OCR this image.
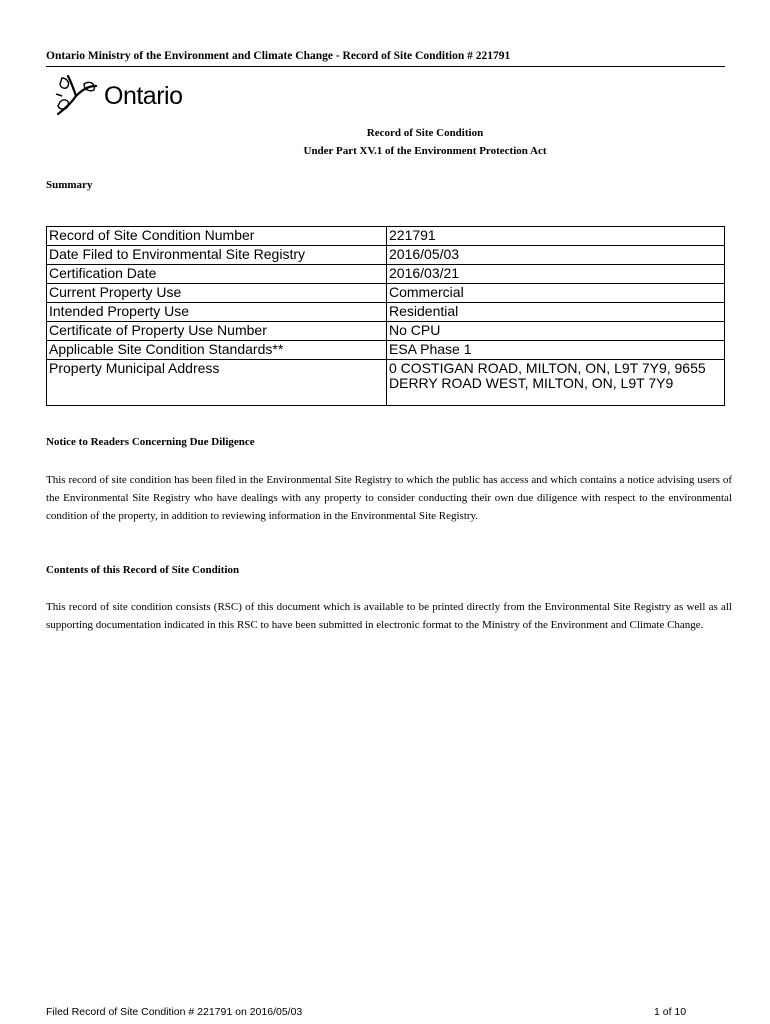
Ontario Ministry of the Environment and Climate Change - Record of Site Condition # 221791
Ontario
Record of Site Condition
Under Part XV.1 of the Environment Protection Act
Summary
Record of Site Condition Number	221791
Date Filed to Environmental Site Registry	2016/05/03
Certification Date	2016/03/21
Current Property Use	Commercial
Intended Property Use	Residential
Certificate of Property Use Number	No CPU
Applicable Site Condition Standards**	ESA Phase 1
Property Municipal Address	0 COSTIGAN ROAD, MILTON, ON, L9T 7Y9, 9655 DERRY ROAD WEST, MILTON, ON, L9T 7Y9
Notice to Readers Concerning Due Diligence
This record of site condition has been filed in the Environmental Site Registry to which the public has access and which contains a notice advising users of the Environmental Site Registry who have dealings with any property to consider conducting their own due diligence with respect to the environmental condition of the property, in addition to reviewing information in the Environmental Site Registry.
Contents of this Record of Site Condition
This record of site condition consists (RSC) of this document which is available to be printed directly from the Environmental Site Registry as well as all supporting documentation indicated in this RSC to have been submitted in electronic format to the Ministry of the Environment and Climate Change.
Filed Record of Site Condition # 221791 on 2016/05/03	1 of 10
